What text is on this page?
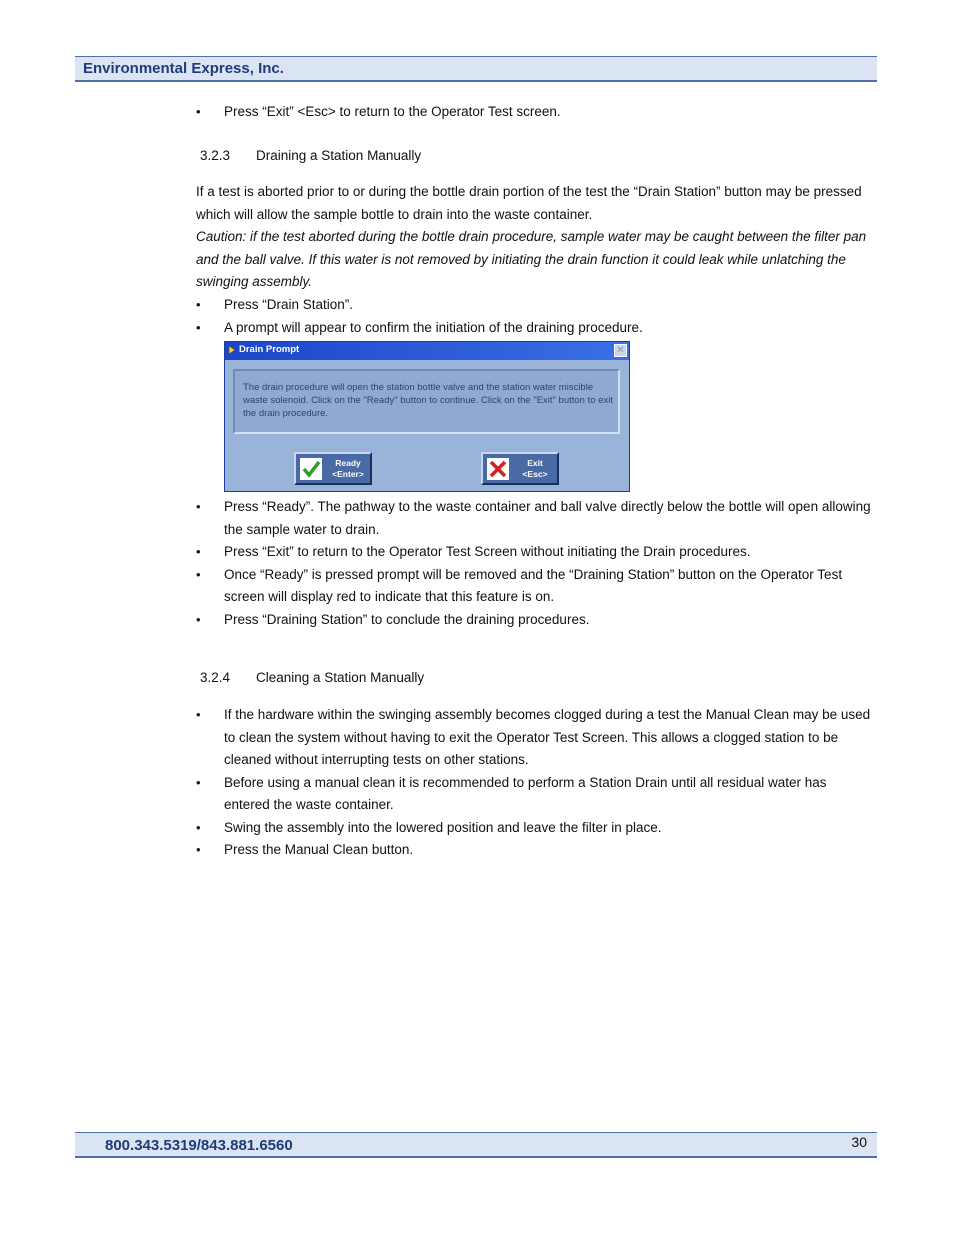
Environmental Express, Inc.
• Press “Exit” <Esc> to return to the Operator Test screen.
3.2.3 Draining a Station Manually

If a test is aborted prior to or during the bottle drain portion of the test the “Drain Station” button may be pressed which will allow the sample bottle to drain into the waste container.
Caution: if the test aborted during the bottle drain procedure, sample water may be caught between the filter pan and the ball valve. If this water is not removed by initiating the drain function it could leak while unlatching the swinging assembly.

• Press “Drain Station”.
• A prompt will appear to confirm the initiation of the draining procedure.
Drain Prompt	✕
The drain procedure will open the station bottle valve and the station water miscible waste solenoid. Click on the "Ready" button to continue. Click on the "Exit" button to exit the drain procedure.
Ready
<Enter>
Exit
<Esc>
• Press “Ready”. The pathway to the waste container and ball valve directly below the bottle will open allowing the sample water to drain.
• Press “Exit” to return to the Operator Test Screen without initiating the Drain procedures.
• Once “Ready” is pressed prompt will be removed and the “Draining Station” button on the Operator Test screen will display red to indicate that this feature is on.
• Press “Draining Station” to conclude the draining procedures.
3.2.4 Cleaning a Station Manually
• If the hardware within the swinging assembly becomes clogged during a test the Manual Clean may be used to clean the system without having to exit the Operator Test Screen. This allows a clogged station to be cleaned without interrupting tests on other stations.
• Before using a manual clean it is recommended to perform a Station Drain until all residual water has entered the waste container.
• Swing the assembly into the lowered position and leave the filter in place.
• Press the Manual Clean button.
800.343.5319/843.881.6560	30
